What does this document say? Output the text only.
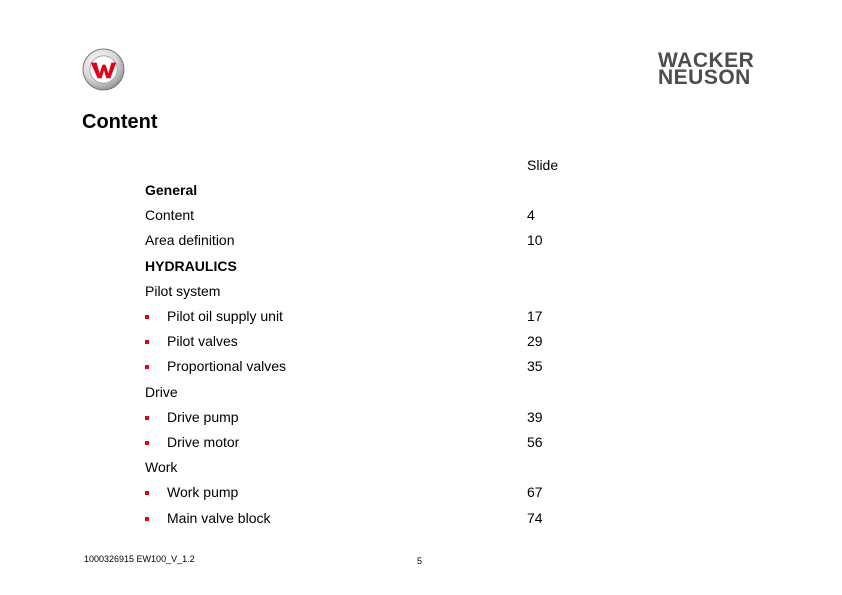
WACKER
NEUSON
Content
Slide
General
Content	4
Area definition	10
HYDRAULICS
Pilot system
Pilot oil supply unit	17
Pilot valves	29
Proportional valves	35
Drive
Drive pump	39
Drive motor	56
Work
Work pump	67
Main valve block	74
1000326915 EW100_V_1.2	5
